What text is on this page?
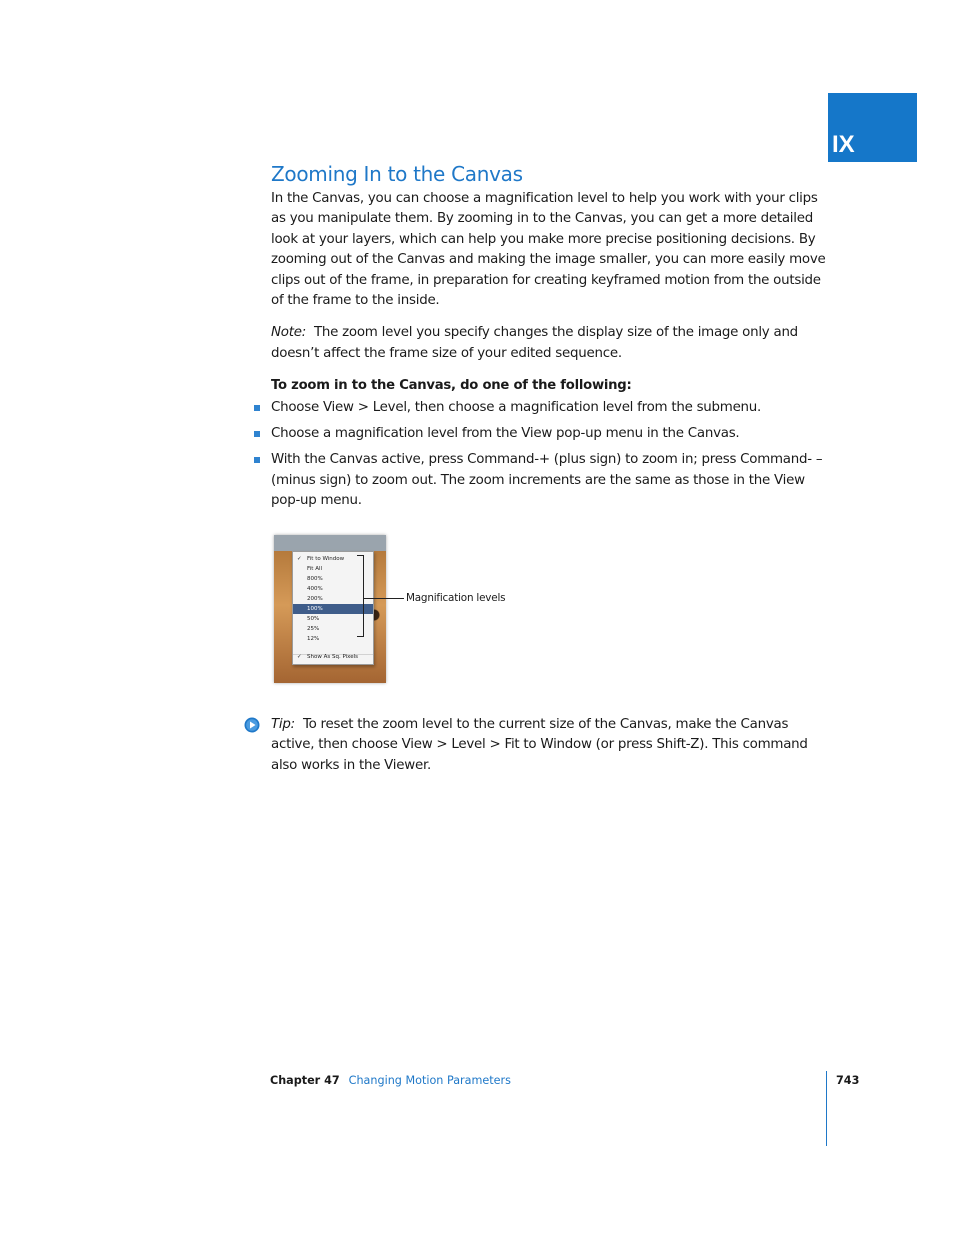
IX
Zooming In to the Canvas

In the Canvas, you can choose a magnification level to help you work with your clips as you manipulate them. By zooming in to the Canvas, you can get a more detailed look at your layers, which can help you make more precise positioning decisions. By zooming out of the Canvas and making the image smaller, you can more easily move clips out of the frame, in preparation for creating keyframed motion from the outside of the frame to the inside.

Note: The zoom level you specify changes the display size of the image only and doesn’t affect the frame size of your edited sequence.

To zoom in to the Canvas, do one of the following:
Choose View > Level, then choose a magnification level from the submenu.
Choose a magnification level from the View pop-up menu in the Canvas.
With the Canvas active, press Command-+ (plus sign) to zoom in; press Command- – (minus sign) to zoom out. The zoom increments are the same as those in the View pop-up menu.
✓ Fit to Window
Fit All
800%
400%
200%
100%
50%
25%
12%
✓ Show As Sq. Pixels
Magnification levels

Tip: To reset the zoom level to the current size of the Canvas, make the Canvas active, then choose View > Level > Fit to Window (or press Shift-Z). This command also works in the Viewer.

Chapter 47 Changing Motion Parameters	743
